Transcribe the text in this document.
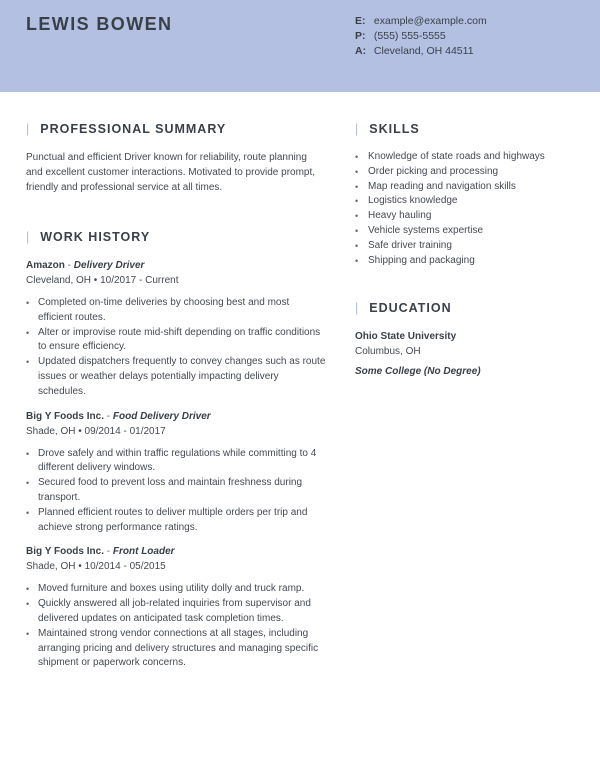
LEWIS BOWEN	E: example@example.com
P: (555) 555-5555
A: Cleveland, OH 44511
| PROFESSIONAL SUMMARY

Punctual and efficient Driver known for reliability, route planning and excellent customer interactions. Motivated to provide prompt, friendly and professional service at all times.

| WORK HISTORY
Amazon - Delivery Driver
Cleveland, OH • 10/2017 - Current
• Completed on-time deliveries by choosing best and most efficient routes.
• Alter or improvise route mid-shift depending on traffic conditions to ensure efficiency.
• Updated dispatchers frequently to convey changes such as route issues or weather delays potentially impacting delivery schedules.
Big Y Foods Inc. - Food Delivery Driver
Shade, OH • 09/2014 - 01/2017
• Drove safely and within traffic regulations while committing to 4 different delivery windows.
• Secured food to prevent loss and maintain freshness during transport.
• Planned efficient routes to deliver multiple orders per trip and achieve strong performance ratings.
Big Y Foods Inc. - Front Loader
Shade, OH • 10/2014 - 05/2015
• Moved furniture and boxes using utility dolly and truck ramp.
• Quickly answered all job-related inquiries from supervisor and delivered updates on anticipated task completion times.
• Maintained strong vendor connections at all stages, including arranging pricing and delivery structures and managing specific shipment or paperwork concerns.
| SKILLS
• Knowledge of state roads and highways
• Order picking and processing
• Map reading and navigation skills
• Logistics knowledge
• Heavy hauling
• Vehicle systems expertise
• Safe driver training
• Shipping and packaging
| EDUCATION
Ohio State University
Columbus, OH
Some College (No Degree)
